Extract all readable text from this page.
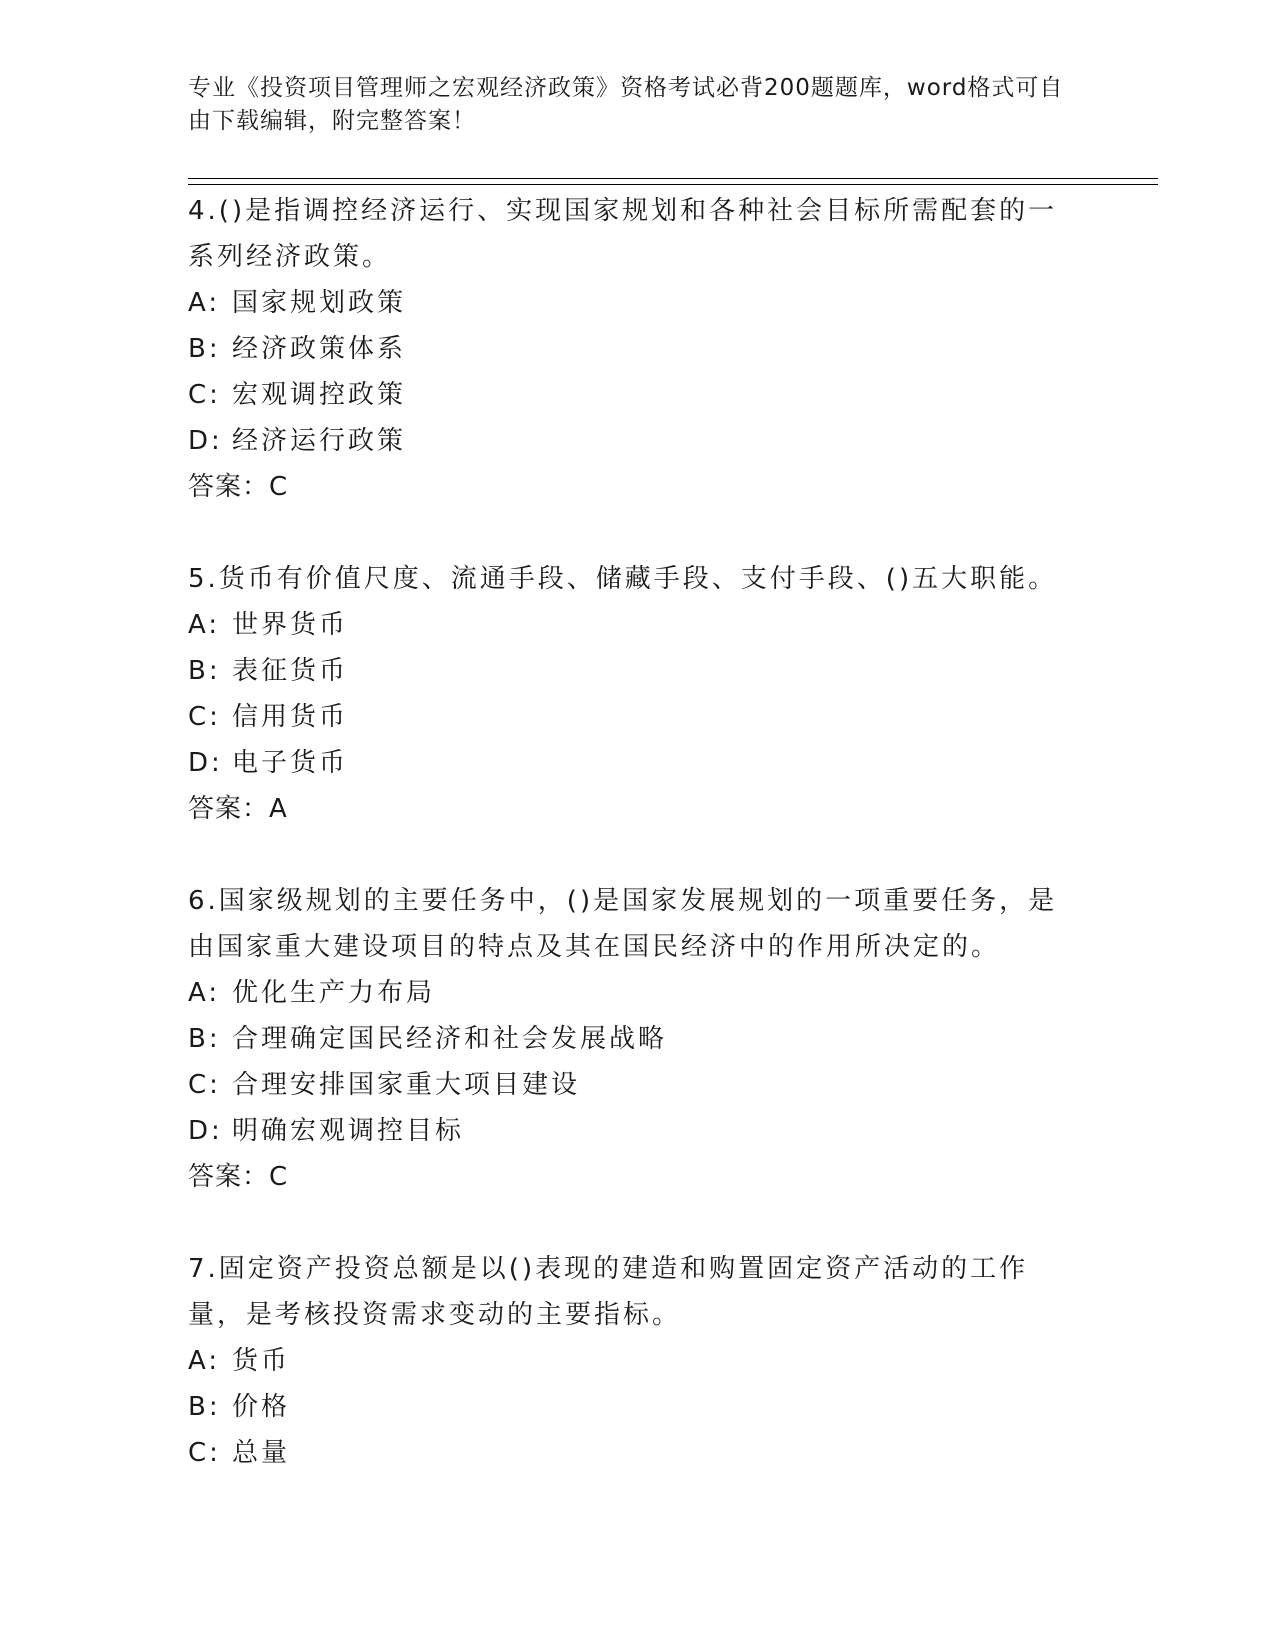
专业《投资项目管理师之宏观经济政策》资格考试必背200题题库，word格式可自由下载编辑，附完整答案！

4.()是指调控经济运行、实现国家规划和各种社会目标所需配套的一系列经济政策。

A: 国家规划政策

B: 经济政策体系

C: 宏观调控政策

D: 经济运行政策

答案：C

5.货币有价值尺度、流通手段、储藏手段、支付手段、()五大职能。

A: 世界货币

B: 表征货币

C: 信用货币

D: 电子货币

答案：A

6.国家级规划的主要任务中，()是国家发展规划的一项重要任务，是由国家重大建设项目的特点及其在国民经济中的作用所决定的。

A: 优化生产力布局

B: 合理确定国民经济和社会发展战略

C: 合理安排国家重大项目建设

D: 明确宏观调控目标

答案：C

7.固定资产投资总额是以()表现的建造和购置固定资产活动的工作量，是考核投资需求变动的主要指标。

A: 货币

B: 价格

C: 总量
